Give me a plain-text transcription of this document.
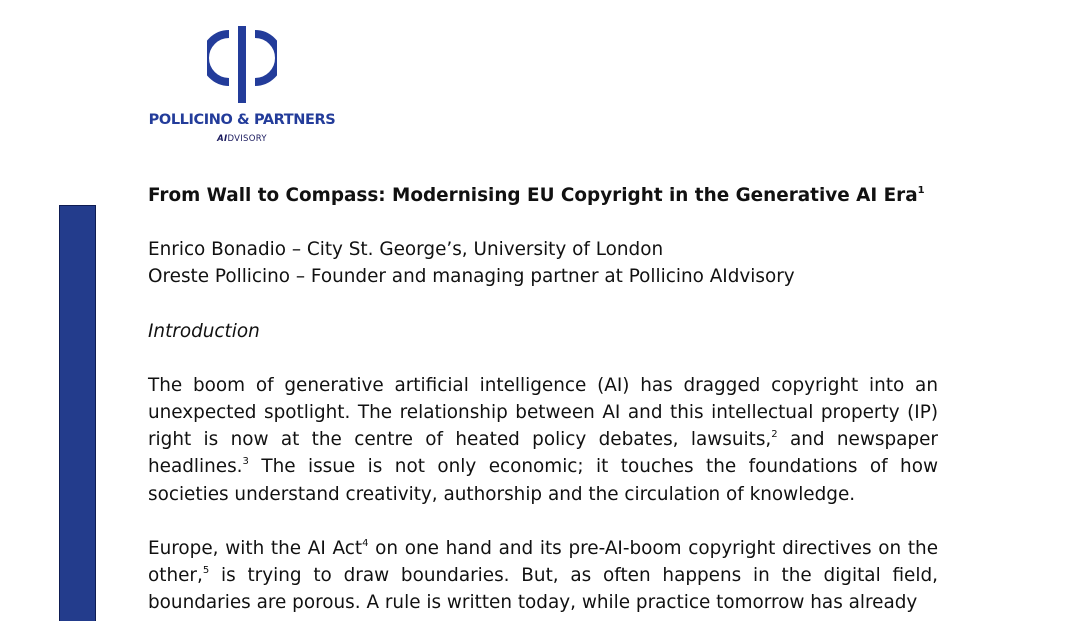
POLLICINO & PARTNERS
AIDVISORY

From Wall to Compass: Modernising EU Copyright in the Generative AI Era$^1$

Enrico Bonadio – City St. George’s, University of London
Oreste Pollicino – Founder and managing partner at Pollicino AIdvisory
Introduction

The boom of generative artificial intelligence (AI) has dragged copyright into an unexpected spotlight. The relationship between AI and this intellectual property (IP) right is now at the centre of heated policy debates, lawsuits,$^2$ and newspaper headlines.$^3$ The issue is not only economic; it touches the foundations of how societies understand creativity, authorship and the circulation of knowledge.

Europe, with the AI Act$^4$ on one hand and its pre-AI-boom copyright directives on the other,$^5$ is trying to draw boundaries. But, as often happens in the digital field, boundaries are porous. A rule is written today, while practice tomorrow has already
